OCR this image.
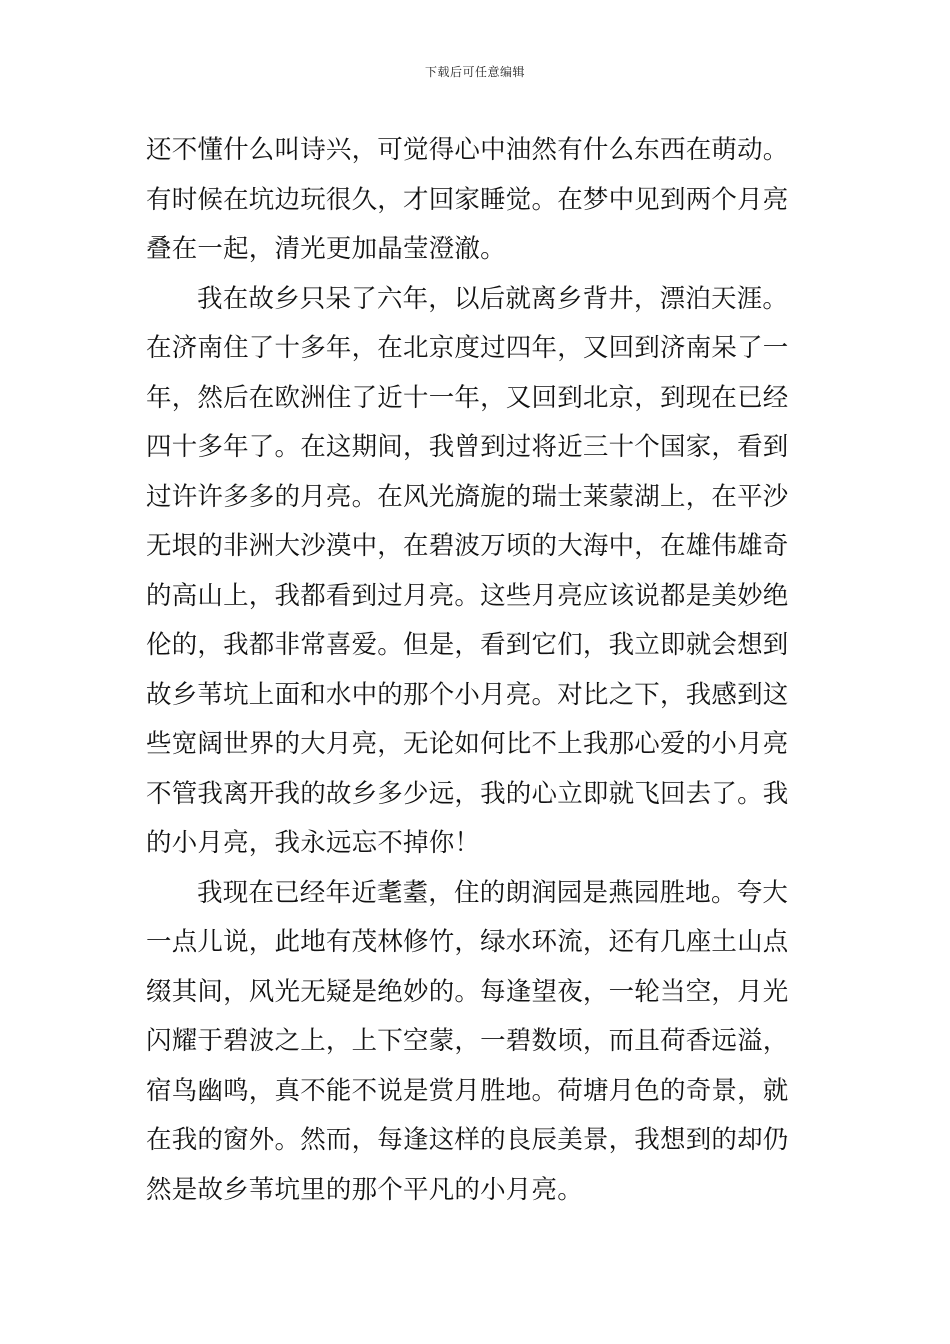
下载后可任意编辑
还不懂什么叫诗兴，可觉得心中油然有什么东西在萌动。
有时候在坑边玩很久，才回家睡觉。在梦中见到两个月亮
叠在一起，清光更加晶莹澄澈。
我在故乡只呆了六年，以后就离乡背井，漂泊天涯。
在济南住了十多年，在北京度过四年，又回到济南呆了一
年，然后在欧洲住了近十一年，又回到北京，到现在已经
四十多年了。在这期间，我曾到过将近三十个国家，看到
过许许多多的月亮。在风光旖旎的瑞士莱蒙湖上，在平沙
无垠的非洲大沙漠中，在碧波万顷的大海中，在雄伟雄奇
的高山上，我都看到过月亮。这些月亮应该说都是美妙绝
伦的，我都非常喜爱。但是，看到它们，我立即就会想到
故乡苇坑上面和水中的那个小月亮。对比之下，我感到这
些宽阔世界的大月亮，无论如何比不上我那心爱的小月亮
不管我离开我的故乡多少远，我的心立即就飞回去了。我
的小月亮，我永远忘不掉你！
我现在已经年近耄耋，住的朗润园是燕园胜地。夸大
一点儿说，此地有茂林修竹，绿水环流，还有几座土山点
缀其间，风光无疑是绝妙的。每逢望夜，一轮当空，月光
闪耀于碧波之上，上下空蒙，一碧数顷，而且荷香远溢，
宿鸟幽鸣，真不能不说是赏月胜地。荷塘月色的奇景，就
在我的窗外。然而，每逢这样的良辰美景，我想到的却仍
然是故乡苇坑里的那个平凡的小月亮。
